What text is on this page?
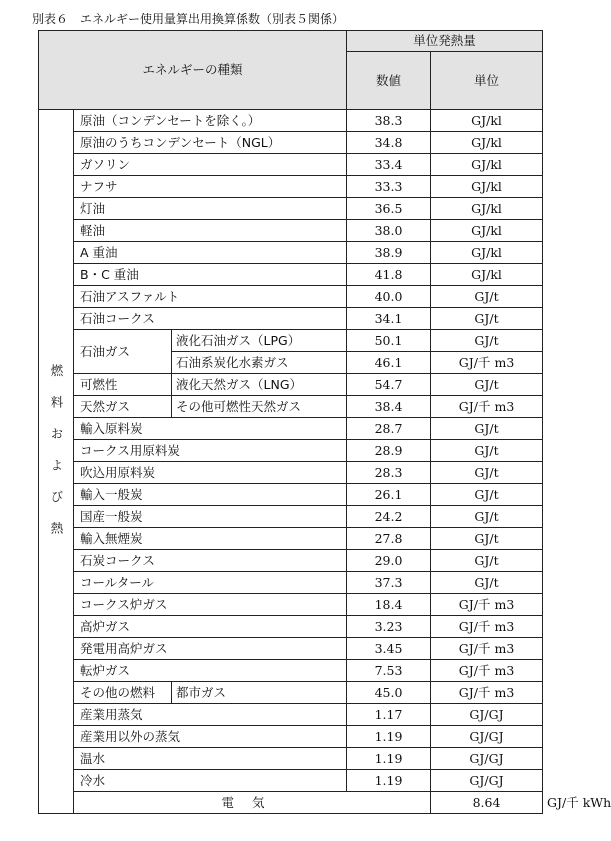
別表６　エネルギー使用量算出用換算係数（別表５関係）
エネルギーの種類			単位発熱量		
			数値	単位	
燃料および熱	原油（コンデンセートを除く。）		38.3	GJ/kl	
	原油のうちコンデンセート（NGL）		34.8	GJ/kl	
	ガソリン		33.4	GJ/kl	
	ナフサ		33.3	GJ/kl	
	灯油		36.5	GJ/kl	
	軽油		38.0	GJ/kl	
	A 重油		38.9	GJ/kl	
	B・C 重油		41.8	GJ/kl	
	石油アスファルト		40.0	GJ/t	
	石油コークス		34.1	GJ/t	
	石油ガス	液化石油ガス（LPG）	50.1	GJ/t	
		石油系炭化水素ガス	46.1	GJ/千 m3	
	可燃性	液化天然ガス（LNG）	54.7	GJ/t	
	天然ガス	その他可燃性天然ガス	38.4	GJ/千 m3	
	輸入原料炭		28.7	GJ/t	
	コークス用原料炭		28.9	GJ/t	
	吹込用原料炭		28.3	GJ/t	
	輸入一般炭		26.1	GJ/t	
	国産一般炭		24.2	GJ/t	
	輸入無煙炭		27.8	GJ/t	
	石炭コークス		29.0	GJ/t	
	コールタール		37.3	GJ/t	
	コークス炉ガス		18.4	GJ/千 m3	
	高炉ガス		3.23	GJ/千 m3	
	発電用高炉ガス		3.45	GJ/千 m3	
	転炉ガス		7.53	GJ/千 m3	
	その他の燃料	都市ガス	45.0	GJ/千 m3	
	産業用蒸気		1.17	GJ/GJ	
	産業用以外の蒸気		1.19	GJ/GJ	
	温水		1.19	GJ/GJ	
	冷水		1.19	GJ/GJ	
	電気			8.64	GJ/千 kWh
